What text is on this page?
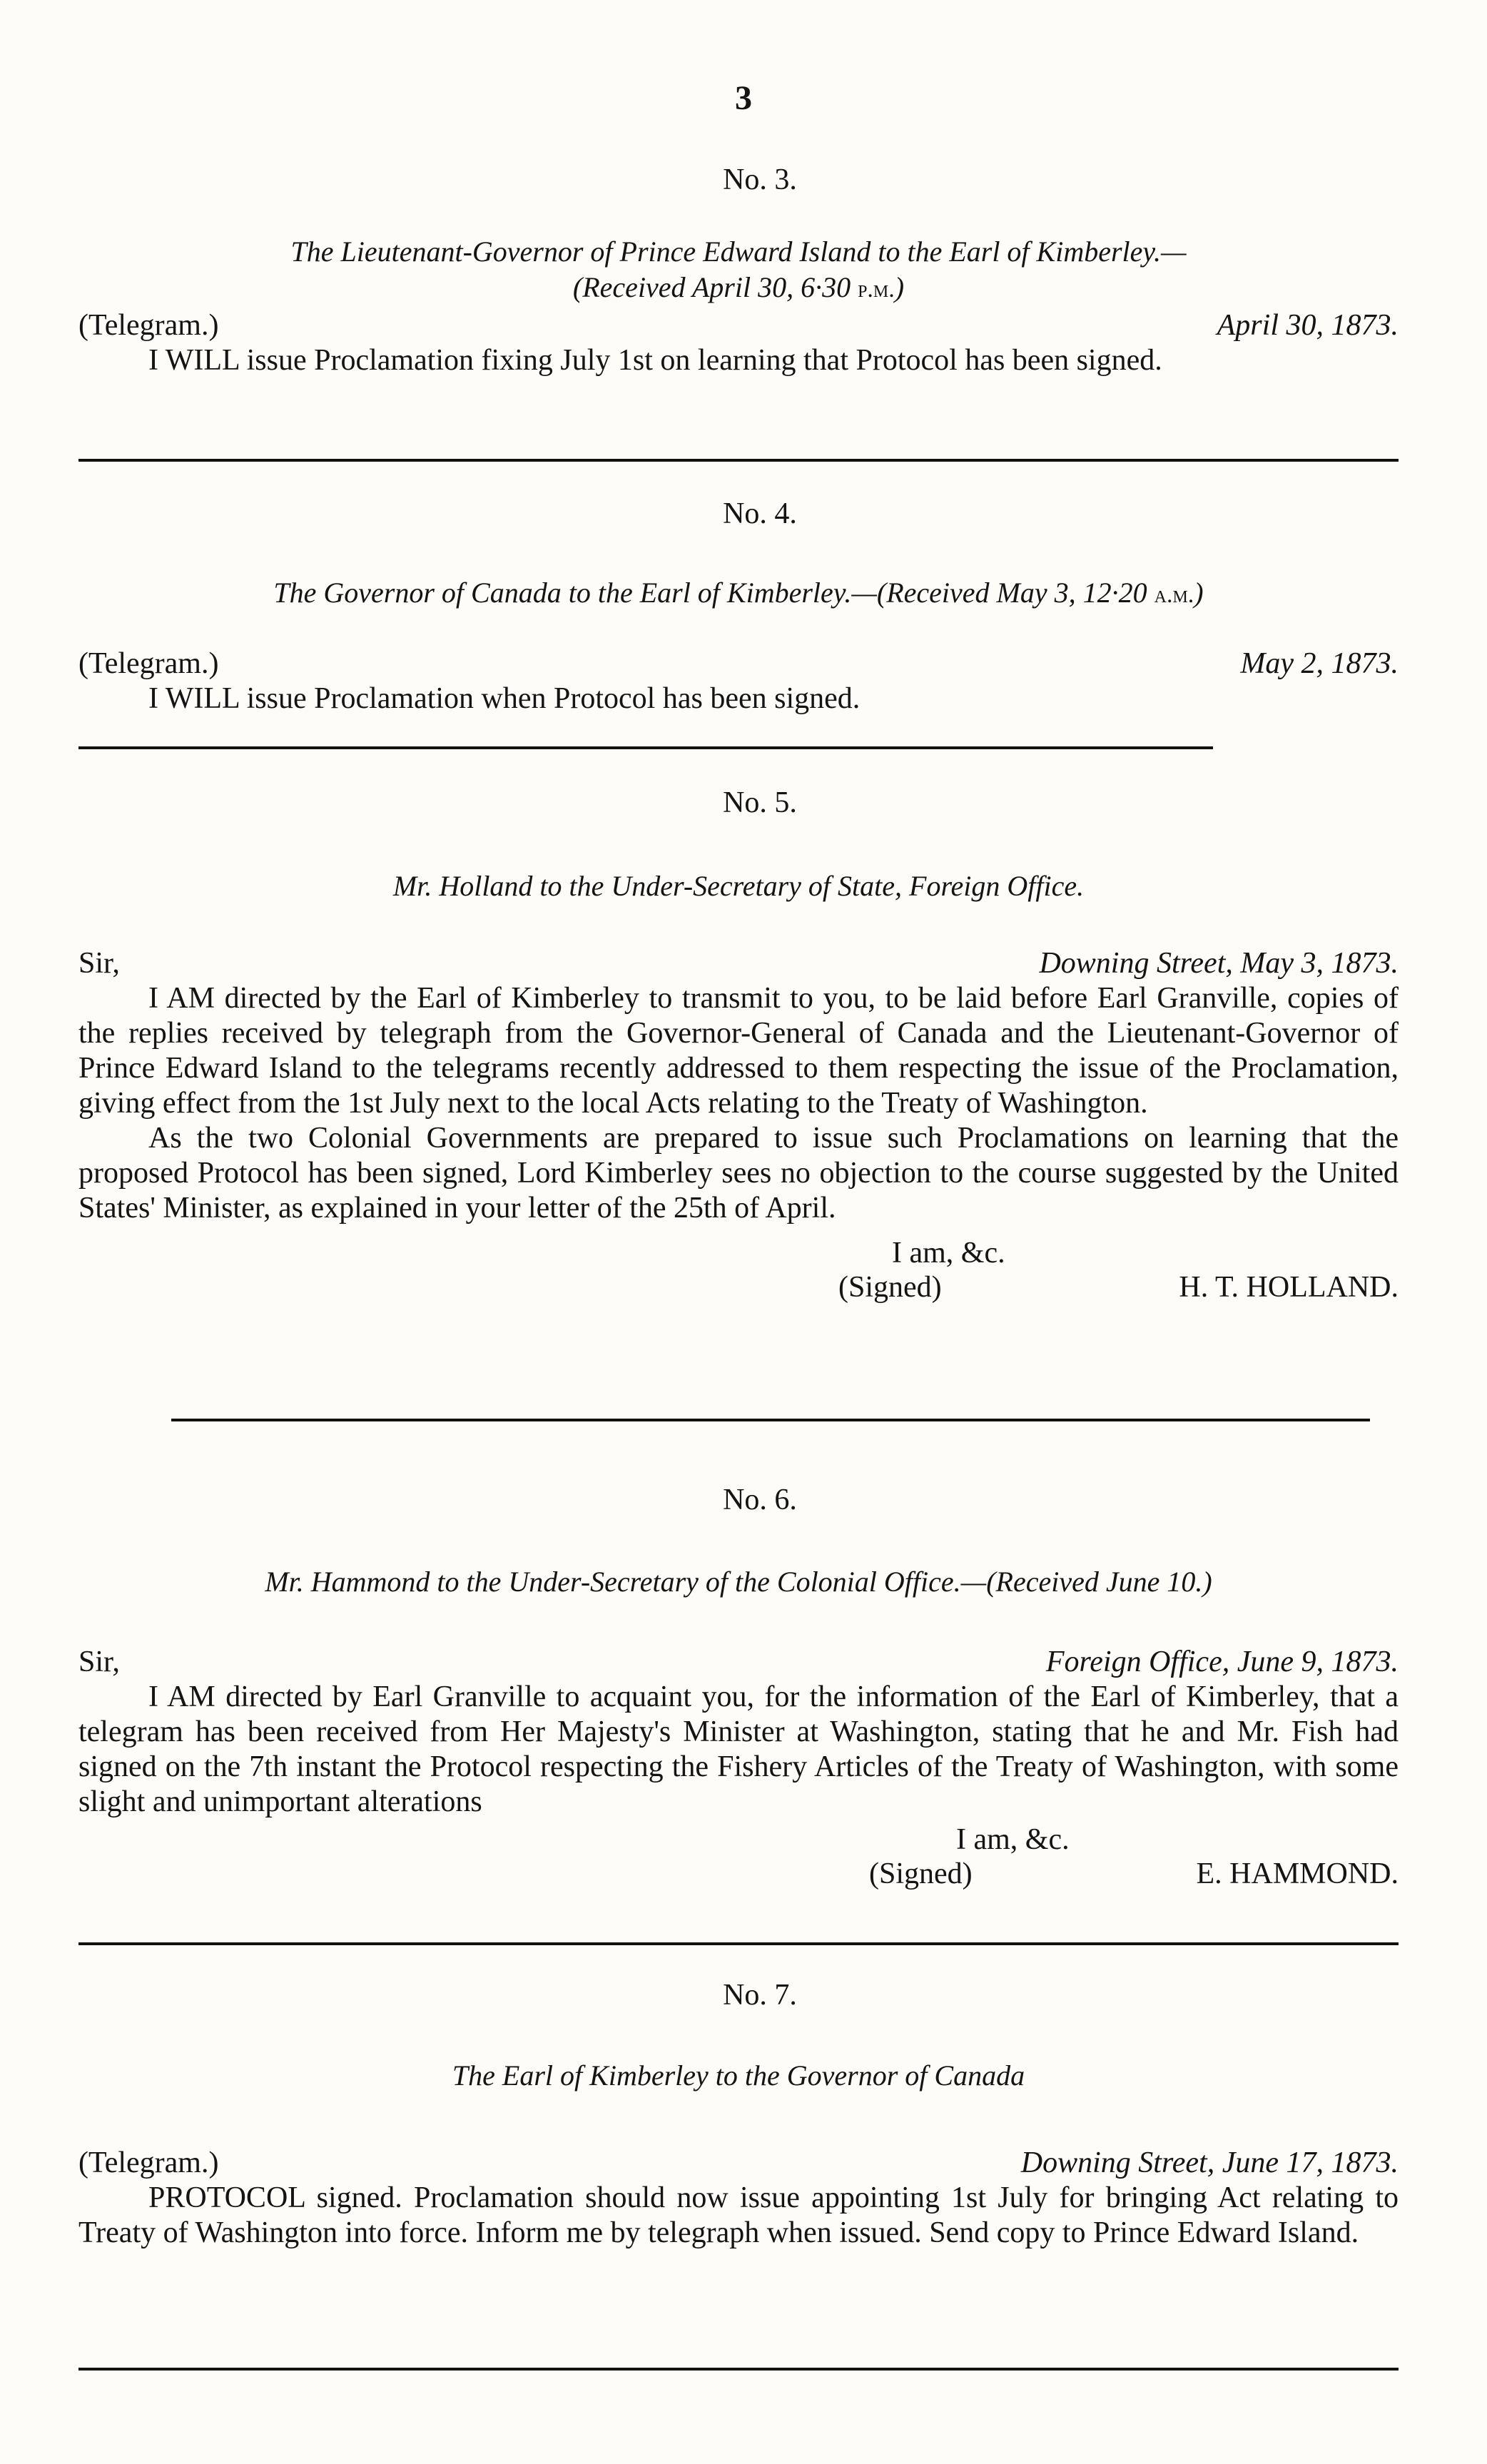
3
No. 3.
The Lieutenant-Governor of Prince Edward Island to the Earl of Kimberley.—
(Received April 30, 6·30 p.m.)
(Telegram.)	April 30, 1873.

I WILL issue Proclamation fixing July 1st on learning that Protocol has been signed.

No. 4.
The Governor of Canada to the Earl of Kimberley.—(Received May 3, 12·20 a.m.)
(Telegram.)	May 2, 1873.

I WILL issue Proclamation when Protocol has been signed.

No. 5.
Mr. Holland to the Under-Secretary of State, Foreign Office.
Sir,	Downing Street, May 3, 1873.

I AM directed by the Earl of Kimberley to transmit to you, to be laid before Earl Granville, copies of the replies received by telegraph from the Governor-General of Canada and the Lieutenant-Governor of Prince Edward Island to the telegrams recently addressed to them respecting the issue of the Proclamation, giving effect from the 1st July next to the local Acts relating to the Treaty of Washington.

As the two Colonial Governments are prepared to issue such Proclamations on learning that the proposed Protocol has been signed, Lord Kimberley sees no objection to the course suggested by the United States' Minister, as explained in your letter of the 25th of April.

I am, &c.
(Signed)	H. T. HOLLAND.
No. 6.
Mr. Hammond to the Under-Secretary of the Colonial Office.—(Received June 10.)
Sir,	Foreign Office, June 9, 1873.

I AM directed by Earl Granville to acquaint you, for the information of the Earl of Kimberley, that a telegram has been received from Her Majesty's Minister at Washington, stating that he and Mr. Fish had signed on the 7th instant the Protocol respecting the Fishery Articles of the Treaty of Washington, with some slight and unimportant alterations

I am, &c.
(Signed)	E. HAMMOND.
No. 7.
The Earl of Kimberley to the Governor of Canada
(Telegram.)	Downing Street, June 17, 1873.

PROTOCOL signed. Proclamation should now issue appointing 1st July for bringing Act relating to Treaty of Washington into force. Inform me by telegraph when issued. Send copy to Prince Edward Island.
